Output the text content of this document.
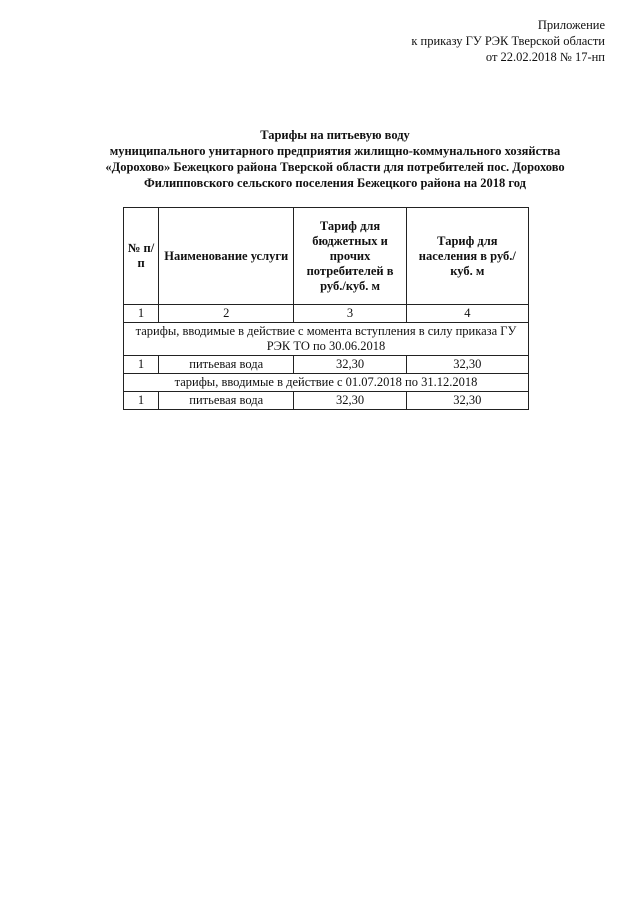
Приложение
к приказу ГУ РЭК Тверской области
от 22.02.2018 № 17-нп
Тарифы на питьевую воду
муниципального унитарного предприятия жилищно-коммунального хозяйства
«Дорохово» Бежецкого района Тверской области для потребителей пос. Дорохово
Филипповского сельского поселения Бежецкого района на 2018 год
№ п/п	Наименование услуги	Тариф для бюджетных и прочих потребителей в руб./куб. м	Тариф для населения в руб./куб. м
1	2	3	4
тарифы, вводимые в действие с момента вступления в силу приказа ГУ РЭК ТО по 30.06.2018			
1	питьевая вода	32,30	32,30
тарифы, вводимые в действие с 01.07.2018 по 31.12.2018			
1	питьевая вода	32,30	32,30
